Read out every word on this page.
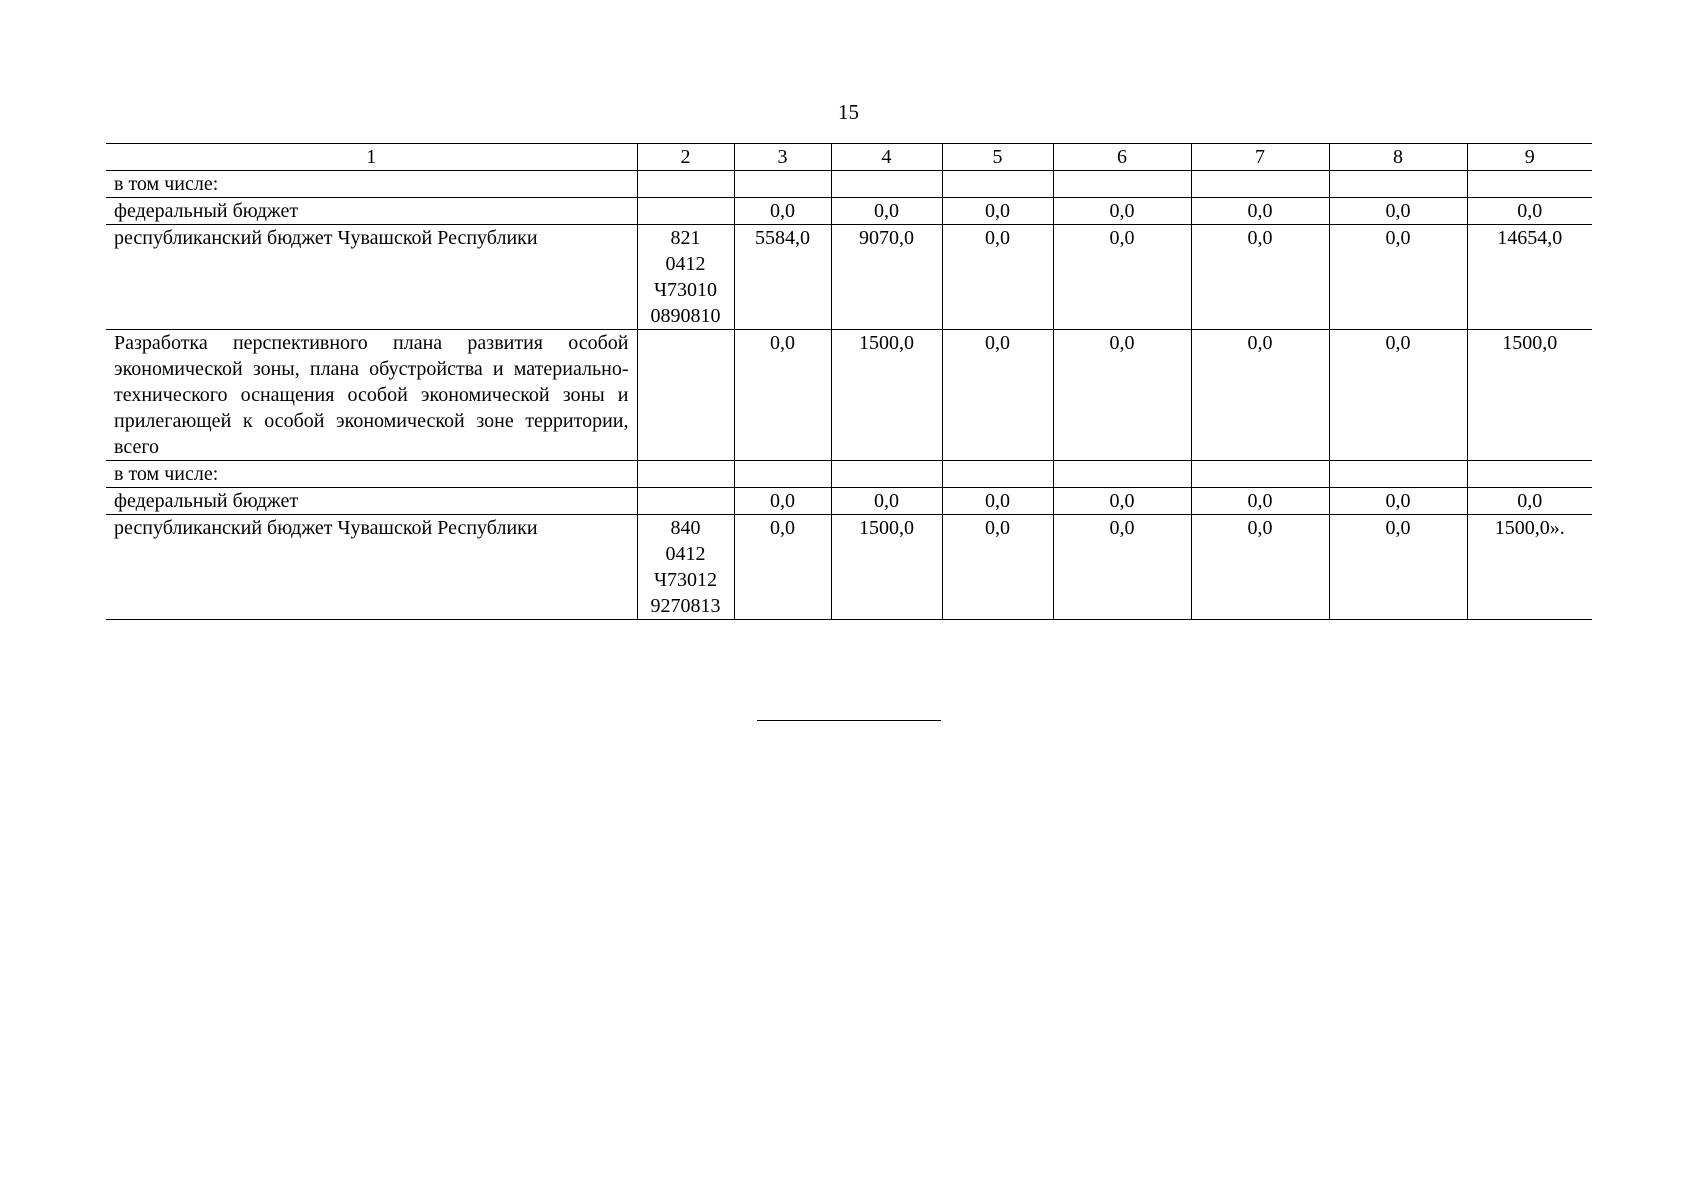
15
1	2	3	4	5	6	7	8	9
в том числе:								
федеральный бюджет		0,0	0,0	0,0	0,0	0,0	0,0	0,0
республиканский бюджет Чувашской Республики	821
0412
Ч73010
0890810	5584,0	9070,0	0,0	0,0	0,0	0,0	14654,0
Разработка перспективного плана развития особой экономической зоны, плана обустройства и материально-технического оснащения особой экономической зоны и прилегающей к особой экономической зоне территории, всего		0,0	1500,0	0,0	0,0	0,0	0,0	1500,0
в том числе:								
федеральный бюджет		0,0	0,0	0,0	0,0	0,0	0,0	0,0
республиканский бюджет Чувашской Республики	840
0412
Ч73012
9270813	0,0	1500,0	0,0	0,0	0,0	0,0	1500,0».
